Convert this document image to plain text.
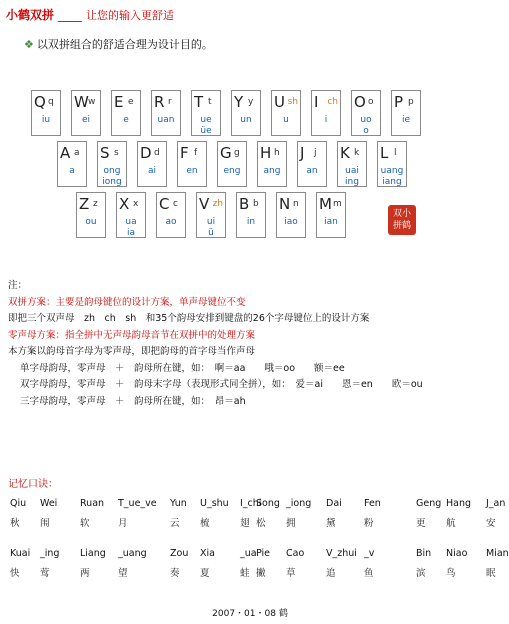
小鹤双拼 ____ 让您的输入更舒适
❖ 以双拼组合的舒适合理为设计目的。
Q q
iu
W w
ei
E e
e
R r
uan
T t
ue
üe
Y y
un
U sh
u
I ch
i
O o
uo
o
P p
ie
A a
a
S s
ong
iong
D d
ai
F f
en
G g
eng
H h
ang
J j
an
K k
uai
ing
L l
uang
iang
Z z
ou
X x
ua
ia
C c
ao
V zh
ui
ü
B b
in
N n
iao
M m
ian
双小
拼鹤
注：
双拼方案：主要是韵母键位的设计方案，单声母键位不变
即把三个双声母　zh　ch　sh　和35个韵母安排到键盘的26个字母键位上的设计方案
零声母方案：指全拼中无声母韵母音节在双拼中的处理方案
本方案以韵母首字母为零声母，即把韵母的首字母当作声母
单字母韵母，零声母　＋　韵母所在键，如：　啊＝aa　　哦＝oo　　额＝ee
双字母韵母，零声母　＋　韵母末字母（表现形式同全拼），如：　爱＝ai　　恩＝en　　欧＝ou
三字母韵母，零声母　＋　韵母所在键，如：　昂＝ah
记忆口诀：
Qiu
秋
Wei
闱
Ruan
软
T_ue_ve
月
Yun
云
U_shu
梳
I_chi
翅
Song
松
_iong
拥
Dai
黛
Fen
粉
Geng
更
Hang
航
J_an
安
Kuai
快
_ing
莺
Liang
两
_uang
望
Zou
奏
Xia
夏
_ua
蛙
Pie
撇
Cao
草
V_zhui
追
_v
鱼
Bin
滨
Niao
鸟
Mian
眠
2007・01・08 鹤
